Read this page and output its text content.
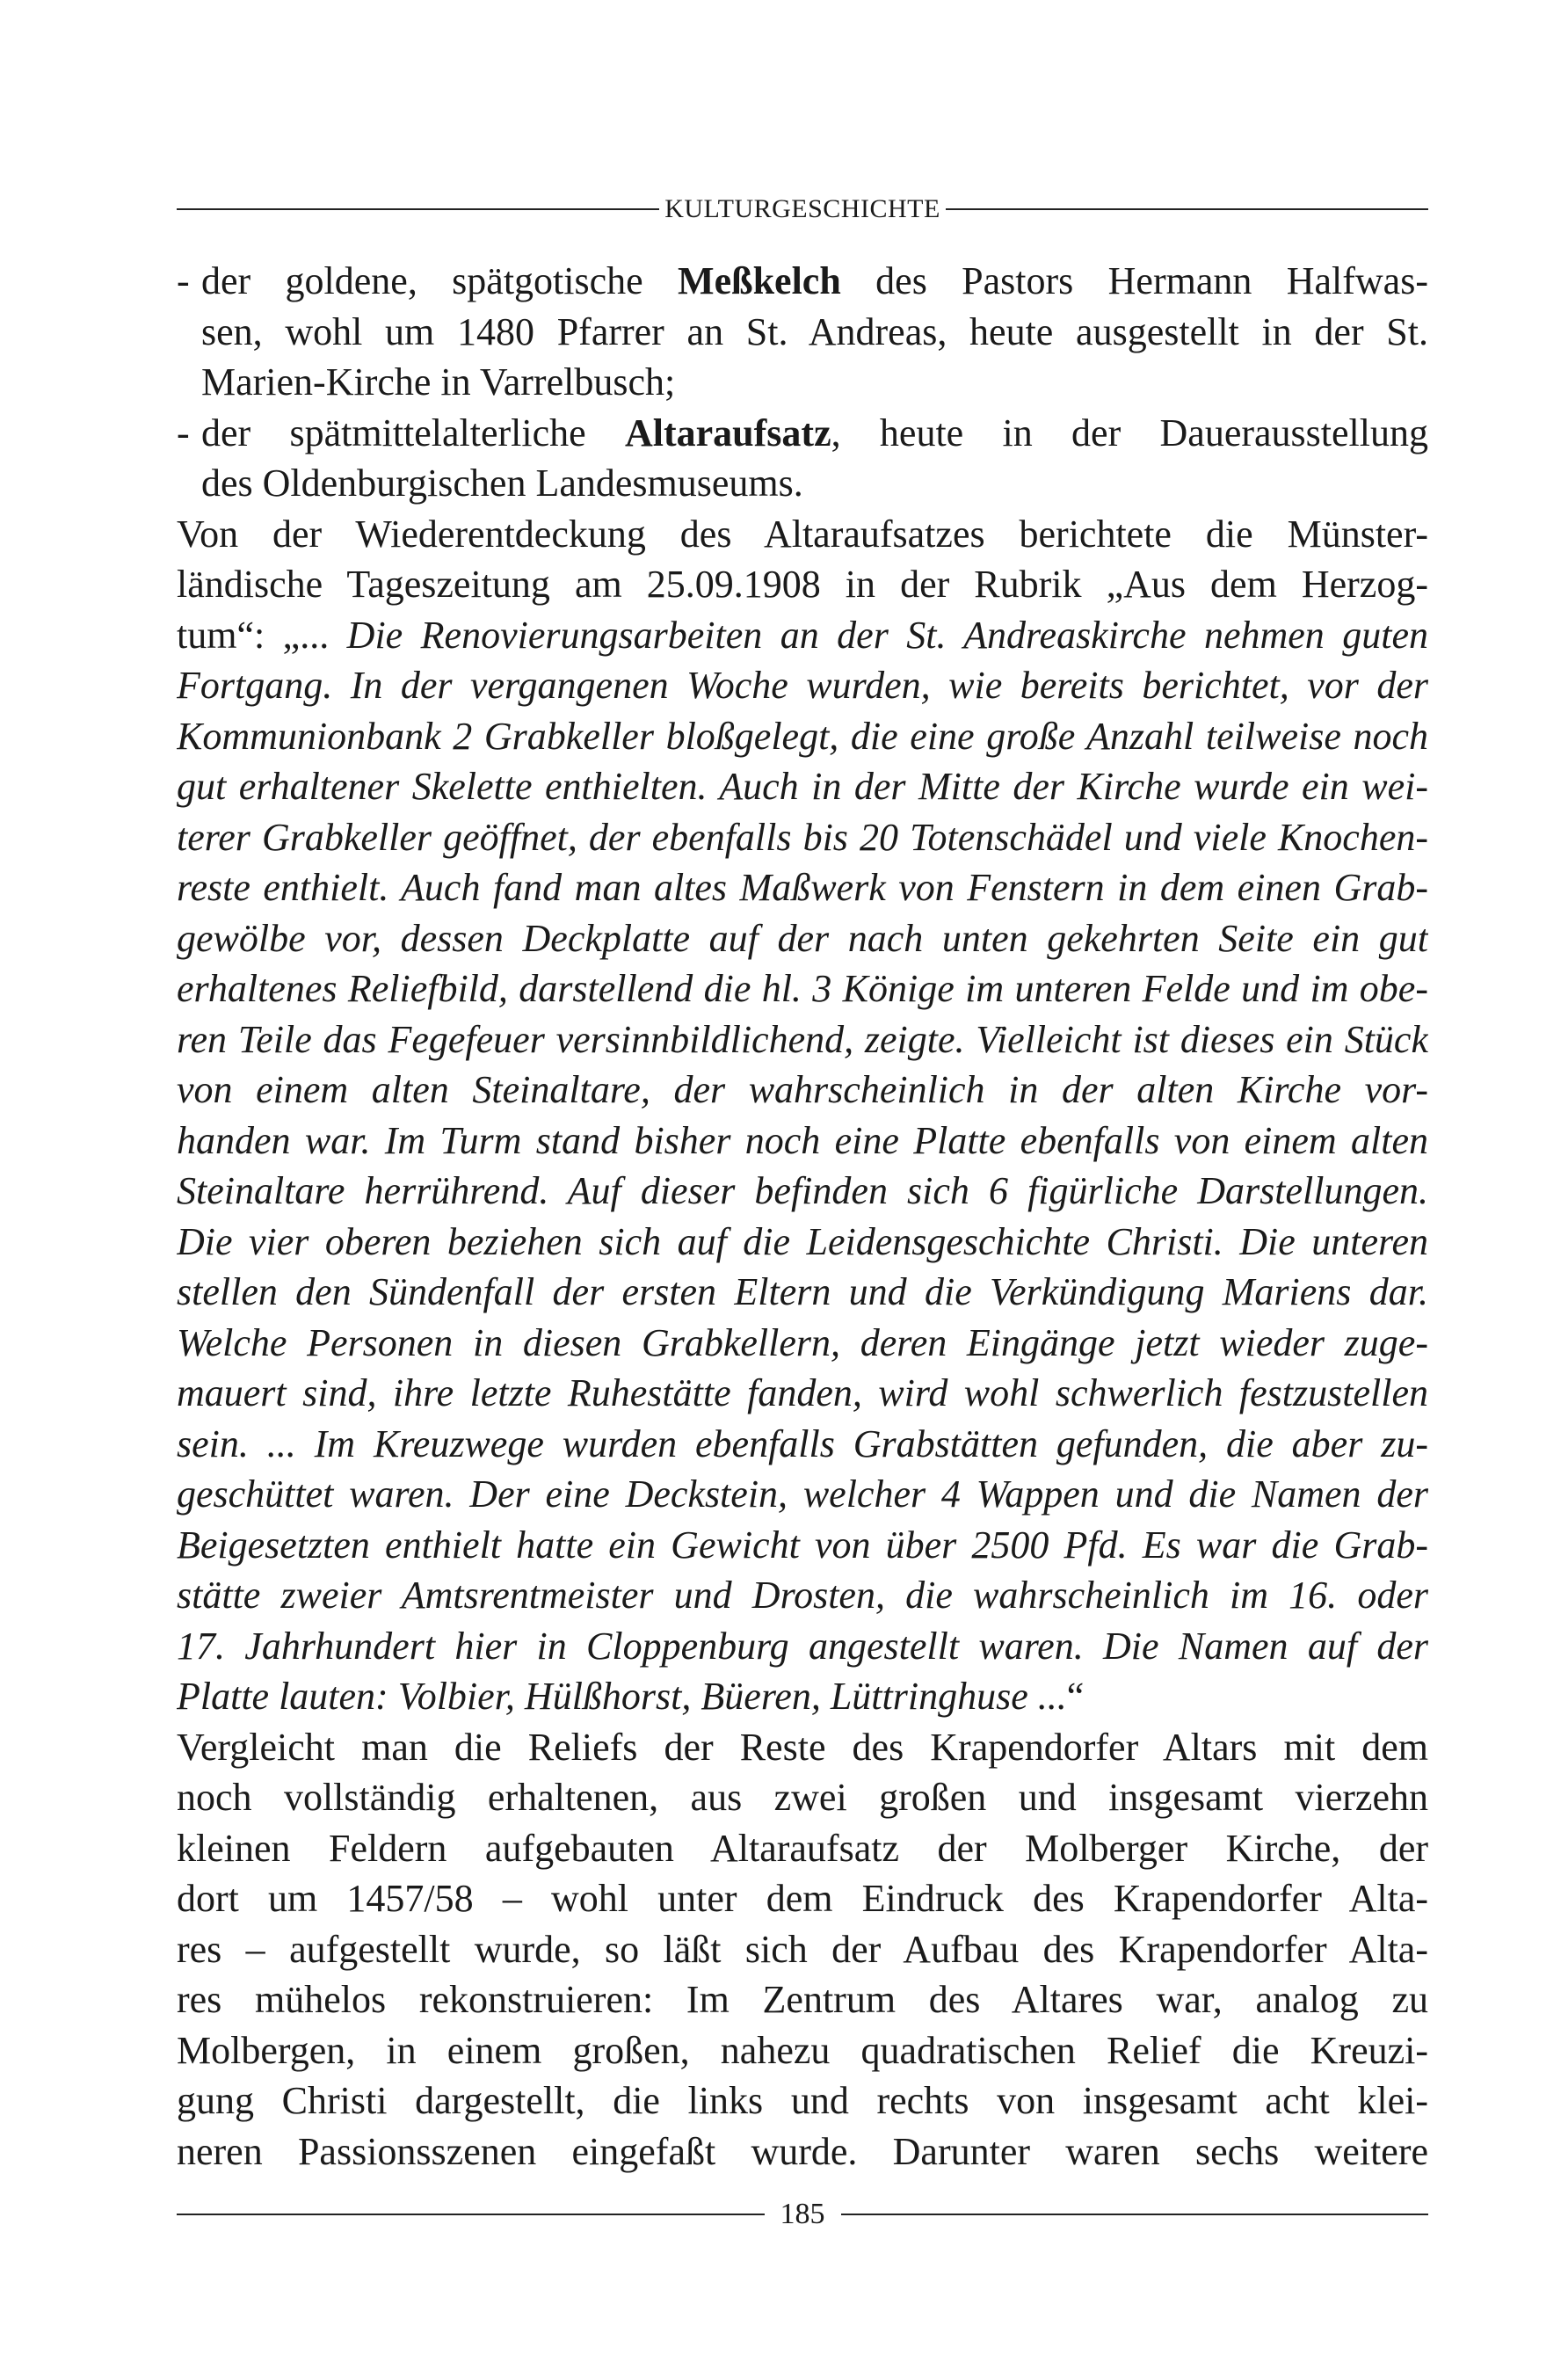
KULTURGESCHICHTE
- der goldene, spätgotische Meßkelch des Pastors Hermann Halfwas-
sen, wohl um 1480 Pfarrer an St. Andreas, heute ausgestellt in der St.
Marien-Kirche in Varrelbusch;
- der spätmittelalterliche Altaraufsatz, heute in der Dauerausstellung
des Oldenburgischen Landesmuseums.
Von der Wiederentdeckung des Altaraufsatzes berichtete die Münster-
ländische Tageszeitung am 25.09.1908 in der Rubrik „Aus dem Herzog-
tum“: „... Die Renovierungsarbeiten an der St. Andreaskirche nehmen guten
Fortgang. In der vergangenen Woche wurden, wie bereits berichtet, vor der
Kommunionbank 2 Grabkeller bloßgelegt, die eine große Anzahl teilweise noch
gut erhaltener Skelette enthielten. Auch in der Mitte der Kirche wurde ein wei-
terer Grabkeller geöffnet, der ebenfalls bis 20 Totenschädel und viele Knochen-
reste enthielt. Auch fand man altes Maßwerk von Fenstern in dem einen Grab-
gewölbe vor, dessen Deckplatte auf der nach unten gekehrten Seite ein gut
erhaltenes Reliefbild, darstellend die hl. 3 Könige im unteren Felde und im obe-
ren Teile das Fegefeuer versinnbildlichend, zeigte. Vielleicht ist dieses ein Stück
von einem alten Steinaltare, der wahrscheinlich in der alten Kirche vor-
handen war. Im Turm stand bisher noch eine Platte ebenfalls von einem alten
Steinaltare herrührend. Auf dieser befinden sich 6 figürliche Darstellungen.
Die vier oberen beziehen sich auf die Leidensgeschichte Christi. Die unteren
stellen den Sündenfall der ersten Eltern und die Verkündigung Mariens dar.
Welche Personen in diesen Grabkellern, deren Eingänge jetzt wieder zuge-
mauert sind, ihre letzte Ruhestätte fanden, wird wohl schwerlich festzustellen
sein. ... Im Kreuzwege wurden ebenfalls Grabstätten gefunden, die aber zu-
geschüttet waren. Der eine Deckstein, welcher 4 Wappen und die Namen der
Beigesetzten enthielt hatte ein Gewicht von über 2500 Pfd. Es war die Grab-
stätte zweier Amtsrentmeister und Drosten, die wahrscheinlich im 16. oder
17. Jahrhundert hier in Cloppenburg angestellt waren. Die Namen auf der
Platte lauten: Volbier, Hülßhorst, Büeren, Lüttringhuse ...“
Vergleicht man die Reliefs der Reste des Krapendorfer Altars mit dem
noch vollständig erhaltenen, aus zwei großen und insgesamt vierzehn
kleinen Feldern aufgebauten Altaraufsatz der Molberger Kirche, der
dort um 1457/58 – wohl unter dem Eindruck des Krapendorfer Alta-
res – aufgestellt wurde, so läßt sich der Aufbau des Krapendorfer Alta-
res mühelos rekonstruieren: Im Zentrum des Altares war, analog zu
Molbergen, in einem großen, nahezu quadratischen Relief die Kreuzi-
gung Christi dargestellt, die links und rechts von insgesamt acht klei-
neren Passionsszenen eingefaßt wurde. Darunter waren sechs weitere
185
